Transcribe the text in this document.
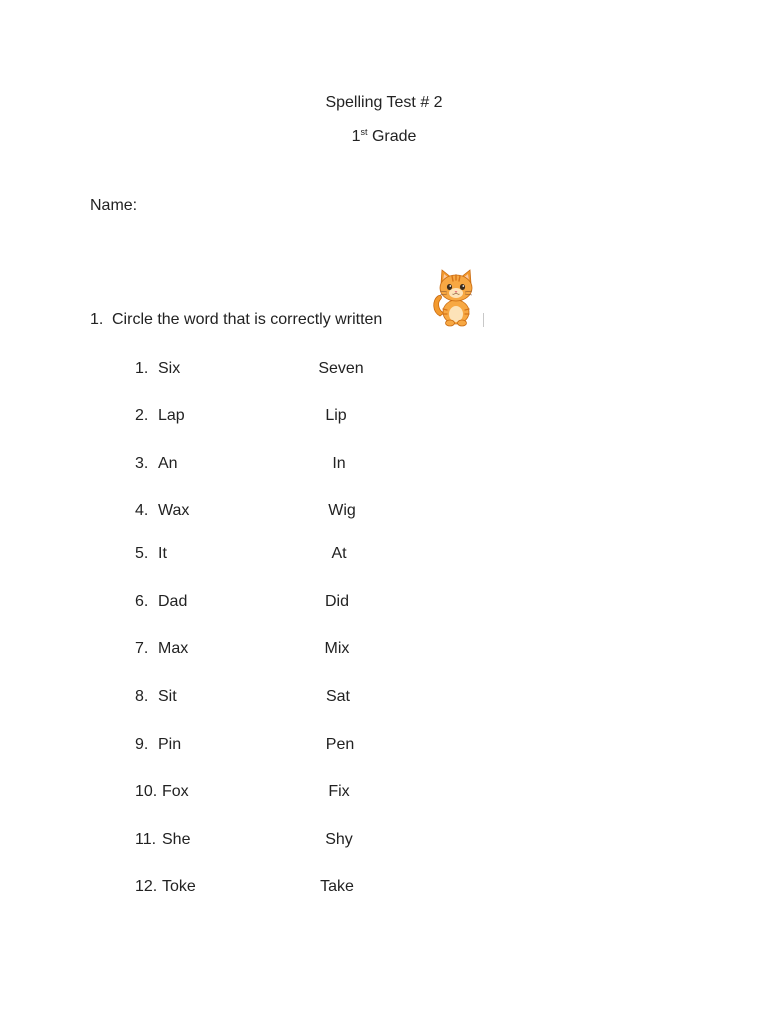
Spelling Test # 2
1st Grade
Name:
1. Circle the word that is correctly written
1. Six	Seven
2. Lap	Lip
3. An	In
4. Wax	Wig
5. It	At
6. Dad	Did
7. Max	Mix
8. Sit	Sat
9. Pin	Pen
10. Fox	Fix
11. She	Shy
12. Toke	Take
